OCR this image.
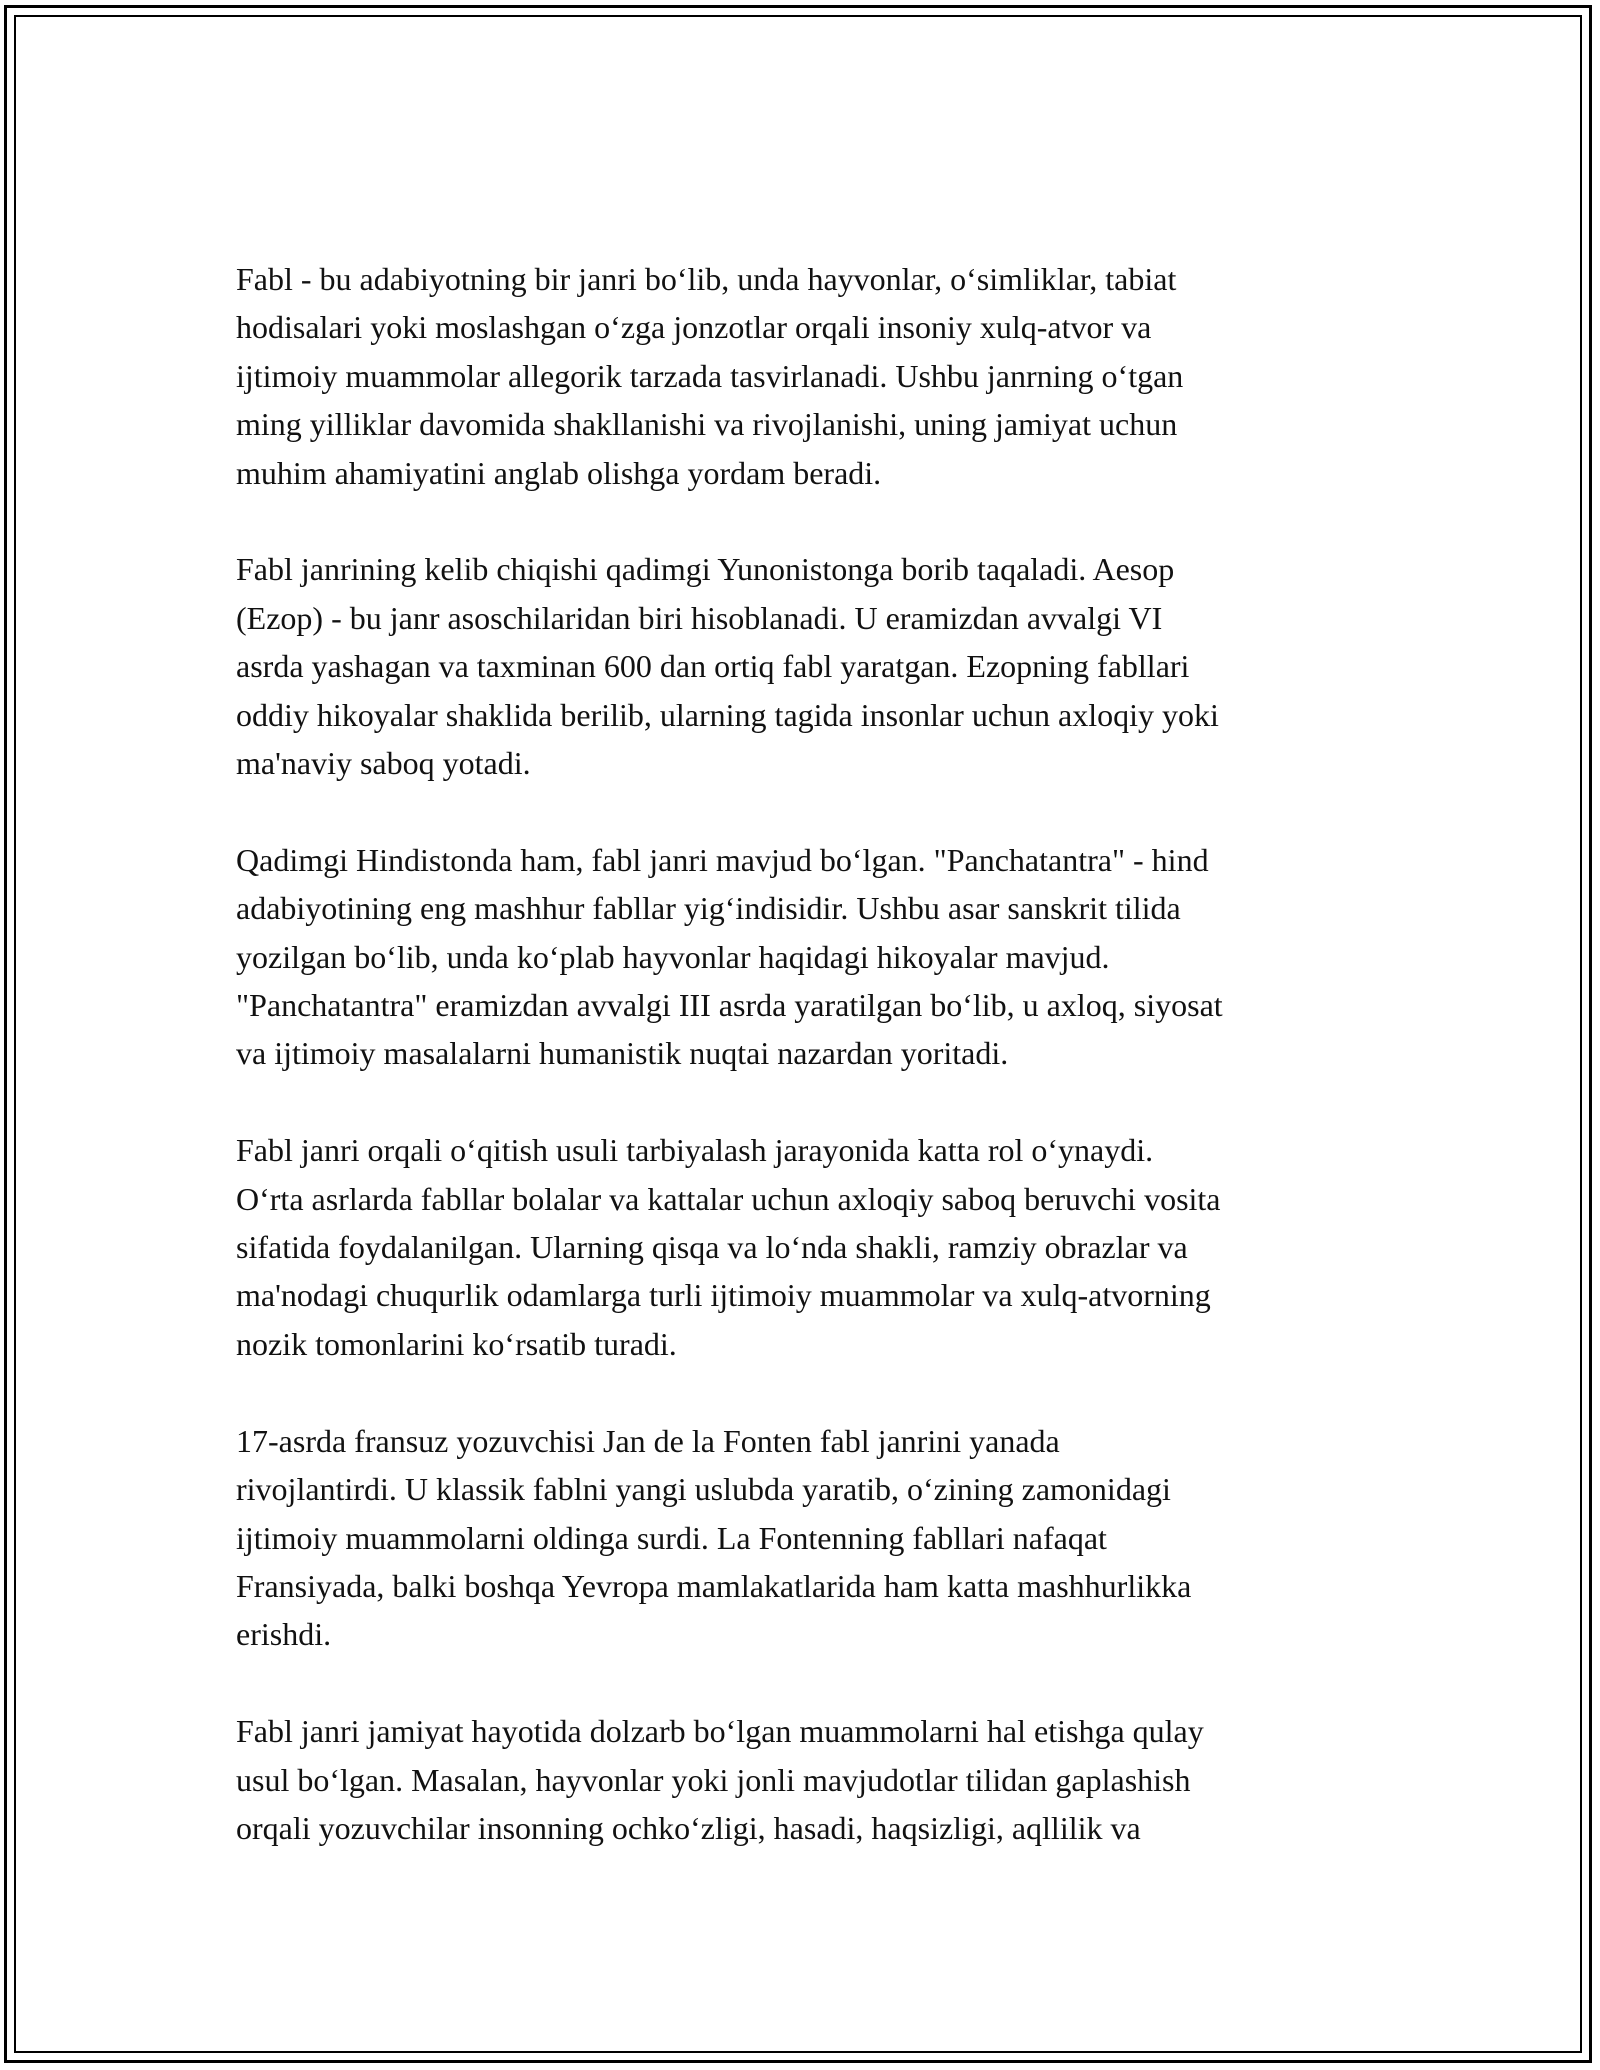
Fabl - bu adabiyotning bir janri bo‘lib, unda hayvonlar, o‘simliklar, tabiat
hodisalari yoki moslashgan o‘zga jonzotlar orqali insoniy xulq-atvor va
ijtimoiy muammolar allegorik tarzada tasvirlanadi. Ushbu janrning o‘tgan
ming yilliklar davomida shakllanishi va rivojlanishi, uning jamiyat uchun
muhim ahamiyatini anglab olishga yordam beradi.

Fabl janrining kelib chiqishi qadimgi Yunonistonga borib taqaladi. Aesop
(Ezop) - bu janr asoschilaridan biri hisoblanadi. U eramizdan avvalgi VI
asrda yashagan va taxminan 600 dan ortiq fabl yaratgan. Ezopning fabllari
oddiy hikoyalar shaklida berilib, ularning tagida insonlar uchun axloqiy yoki
ma'naviy saboq yotadi.

Qadimgi Hindistonda ham, fabl janri mavjud bo‘lgan. "Panchatantra" - hind
adabiyotining eng mashhur fabllar yig‘indisidir. Ushbu asar sanskrit tilida
yozilgan bo‘lib, unda ko‘plab hayvonlar haqidagi hikoyalar mavjud.
"Panchatantra" eramizdan avvalgi III asrda yaratilgan bo‘lib, u axloq, siyosat
va ijtimoiy masalalarni humanistik nuqtai nazardan yoritadi.

Fabl janri orqali o‘qitish usuli tarbiyalash jarayonida katta rol o‘ynaydi.
O‘rta asrlarda fabllar bolalar va kattalar uchun axloqiy saboq beruvchi vosita
sifatida foydalanilgan. Ularning qisqa va lo‘nda shakli, ramziy obrazlar va
ma'nodagi chuqurlik odamlarga turli ijtimoiy muammolar va xulq-atvorning
nozik tomonlarini ko‘rsatib turadi.

17-asrda fransuz yozuvchisi Jan de la Fonten fabl janrini yanada
rivojlantirdi. U klassik fablni yangi uslubda yaratib, o‘zining zamonidagi
ijtimoiy muammolarni oldinga surdi. La Fontenning fabllari nafaqat
Fransiyada, balki boshqa Yevropa mamlakatlarida ham katta mashhurlikka
erishdi.

Fabl janri jamiyat hayotida dolzarb bo‘lgan muammolarni hal etishga qulay
usul bo‘lgan. Masalan, hayvonlar yoki jonli mavjudotlar tilidan gaplashish
orqali yozuvchilar insonning ochko‘zligi, hasadi, haqsizligi, aqllilik va
